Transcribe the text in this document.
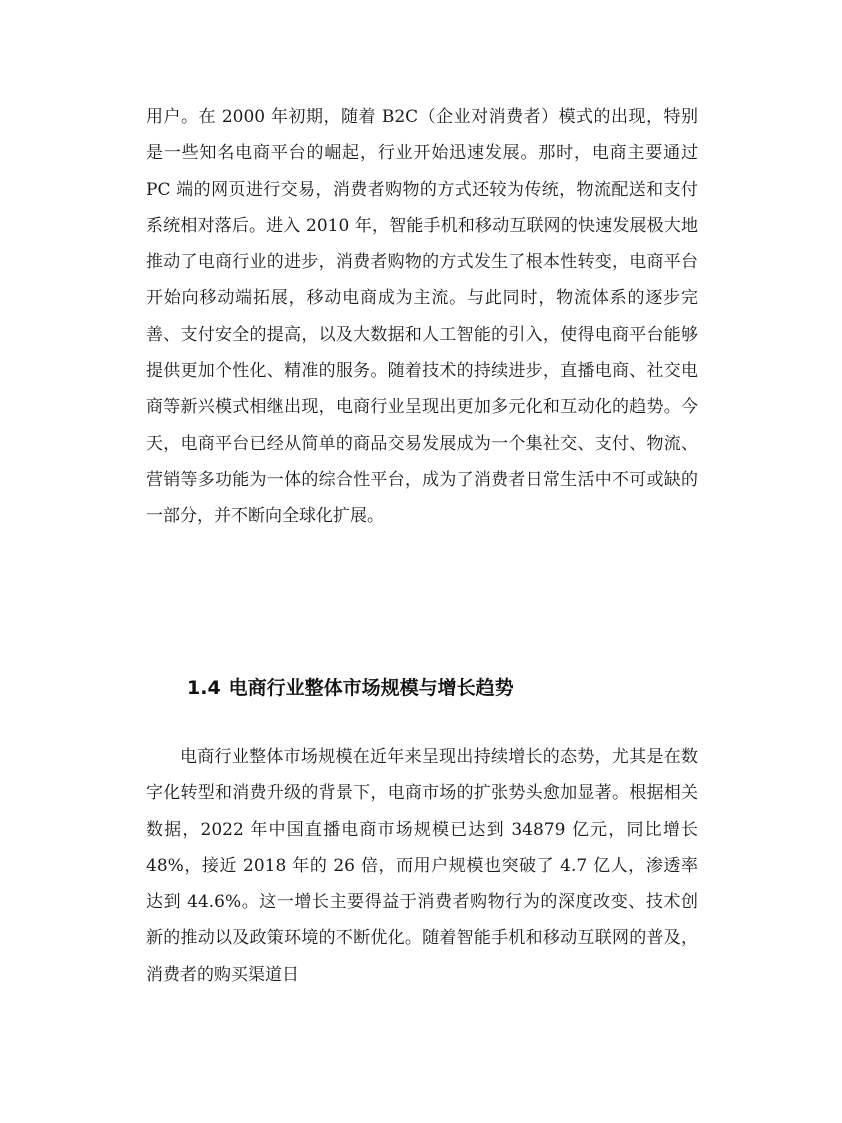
用户。在 2000 年初期，随着 B2C（企业对消费者）模式的出现，特别是一些知名电商平台的崛起，行业开始迅速发展。那时，电商主要通过 PC 端的网页进行交易，消费者购物的方式还较为传统，物流配送和支付系统相对落后。进入 2010 年，智能手机和移动互联网的快速发展极大地推动了电商行业的进步，消费者购物的方式发生了根本性转变，电商平台开始向移动端拓展，移动电商成为主流。与此同时，物流体系的逐步完善、支付安全的提高，以及大数据和人工智能的引入，使得电商平台能够提供更加个性化、精准的服务。随着技术的持续进步，直播电商、社交电商等新兴模式相继出现，电商行业呈现出更加多元化和互动化的趋势。今天，电商平台已经从简单的商品交易发展成为一个集社交、支付、物流、营销等多功能为一体的综合性平台，成为了消费者日常生活中不可或缺的一部分，并不断向全球化扩展。

1.4 电商行业整体市场规模与增长趋势

电商行业整体市场规模在近年来呈现出持续增长的态势，尤其是在数字化转型和消费升级的背景下，电商市场的扩张势头愈加显著。根据相关数据，2022 年中国直播电商市场规模已达到 34879 亿元，同比增长 48%，接近 2018 年的 26 倍，而用户规模也突破了 4.7 亿人，渗透率达到 44.6%。这一增长主要得益于消费者购物行为的深度改变、技术创新的推动以及政策环境的不断优化。随着智能手机和移动互联网的普及，消费者的购买渠道日
